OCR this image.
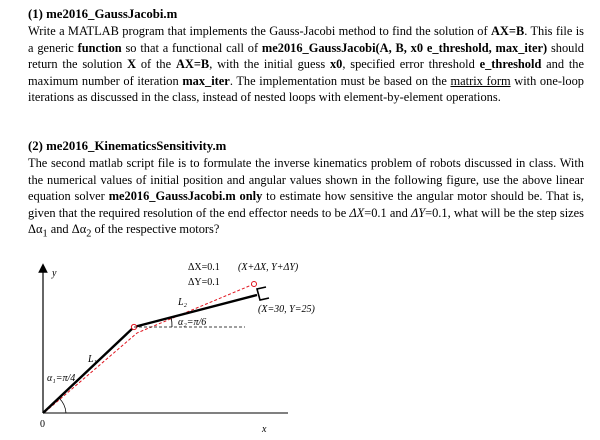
(1) me2016_GaussJacobi.m

Write a MATLAB program that implements the Gauss-Jacobi method to find the solution of AX=B. This file is a generic function so that a functional call of me2016_GaussJacobi(A, B, x0 e_threshold, max_iter) should return the solution X of the AX=B, with the initial guess x0, specified error threshold e_threshold and the maximum number of iteration max_iter. The implementation must be based on the matrix form with one-loop iterations as discussed in the class, instead of nested loops with element-by-element operations.

(2) me2016_KinematicsSensitivity.m

The second matlab script file is to formulate the inverse kinematics problem of robots discussed in class. With the numerical values of initial position and angular values shown in the following figure, use the above linear equation solver me2016_GaussJacobi.m only to estimate how sensitive the angular motor should be. That is, given that the required resolution of the end effector needs to be ΔX=0.1 and ΔY=0.1, what will be the step sizes $\Delta\alpha_1$ and $\Delta\alpha_2$ of the respective motors?

y
x
0
ΔX=0.1
ΔY=0.1
(X+ΔX, Y+ΔY)
L₂
(X=30, Y=25)
α₂=π/6
L₁
α₁=π/4
